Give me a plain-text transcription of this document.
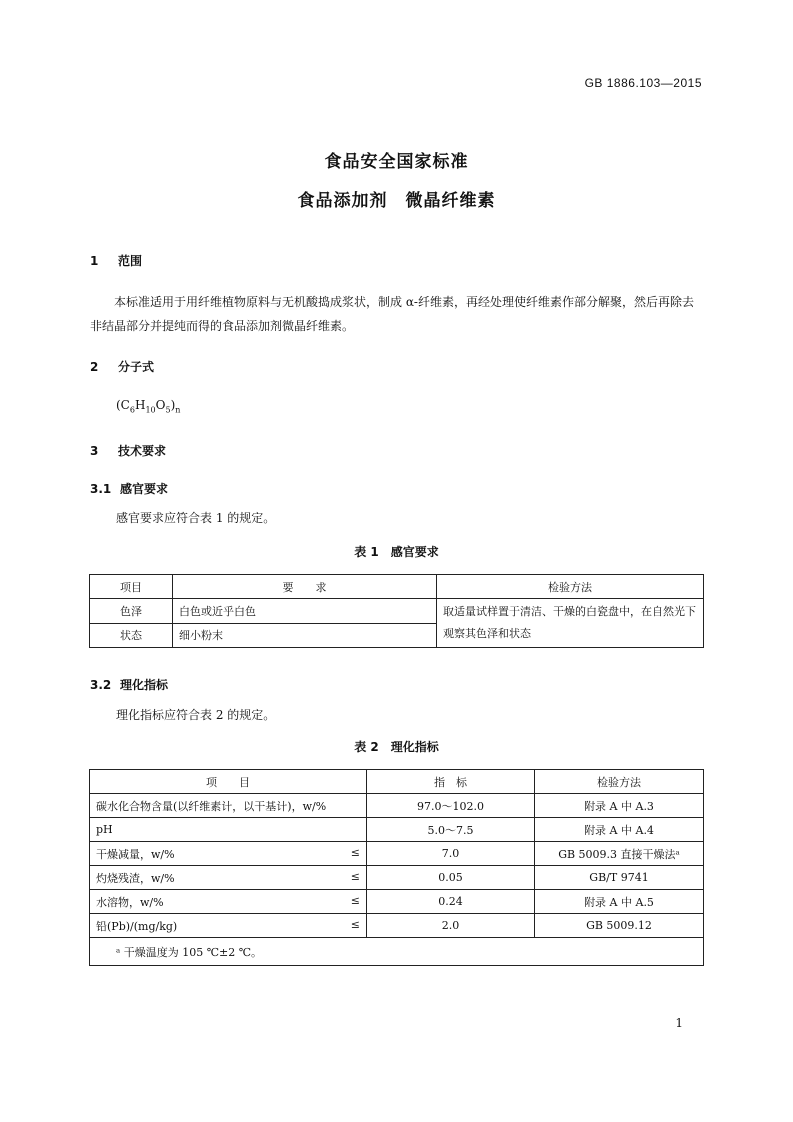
GB 1886.103—2015
食品安全国家标准
食品添加剂　微晶纤维素
1 范围
本标准适用于用纤维植物原料与无机酸捣成浆状，制成 α-纤维素，再经处理使纤维素作部分解聚，然后再除去非结晶部分并提纯而得的食品添加剂微晶纤维素。
2 分子式
$(C_6H_{10}O_5)_n$
3 技术要求
3.1 感官要求
感官要求应符合表 1 的规定。
表 1　感官要求
项目	要　　求	检验方法
色泽	白色或近乎白色	取适量试样置于清洁、干燥的白瓷盘中，在自然光下观察其色泽和状态
状态	细小粉末	
3.2 理化指标
理化指标应符合表 2 的规定。
表 2　理化指标
项　　目	指　标	检验方法
碳水化合物含量(以纤维素计，以干基计)，w/%	97.0～102.0	附录 A 中 A.3
pH	5.0～7.5	附录 A 中 A.4
干燥减量，w/% ≤	7.0	GB 5009.3 直接干燥法ᵃ
灼烧残渣，w/% ≤	0.05	GB/T 9741
水溶物，w/% ≤	0.24	附录 A 中 A.5
铅(Pb)/(mg/kg) ≤	2.0	GB 5009.12
ᵃ 干燥温度为 105 ℃±2 ℃。		
1
